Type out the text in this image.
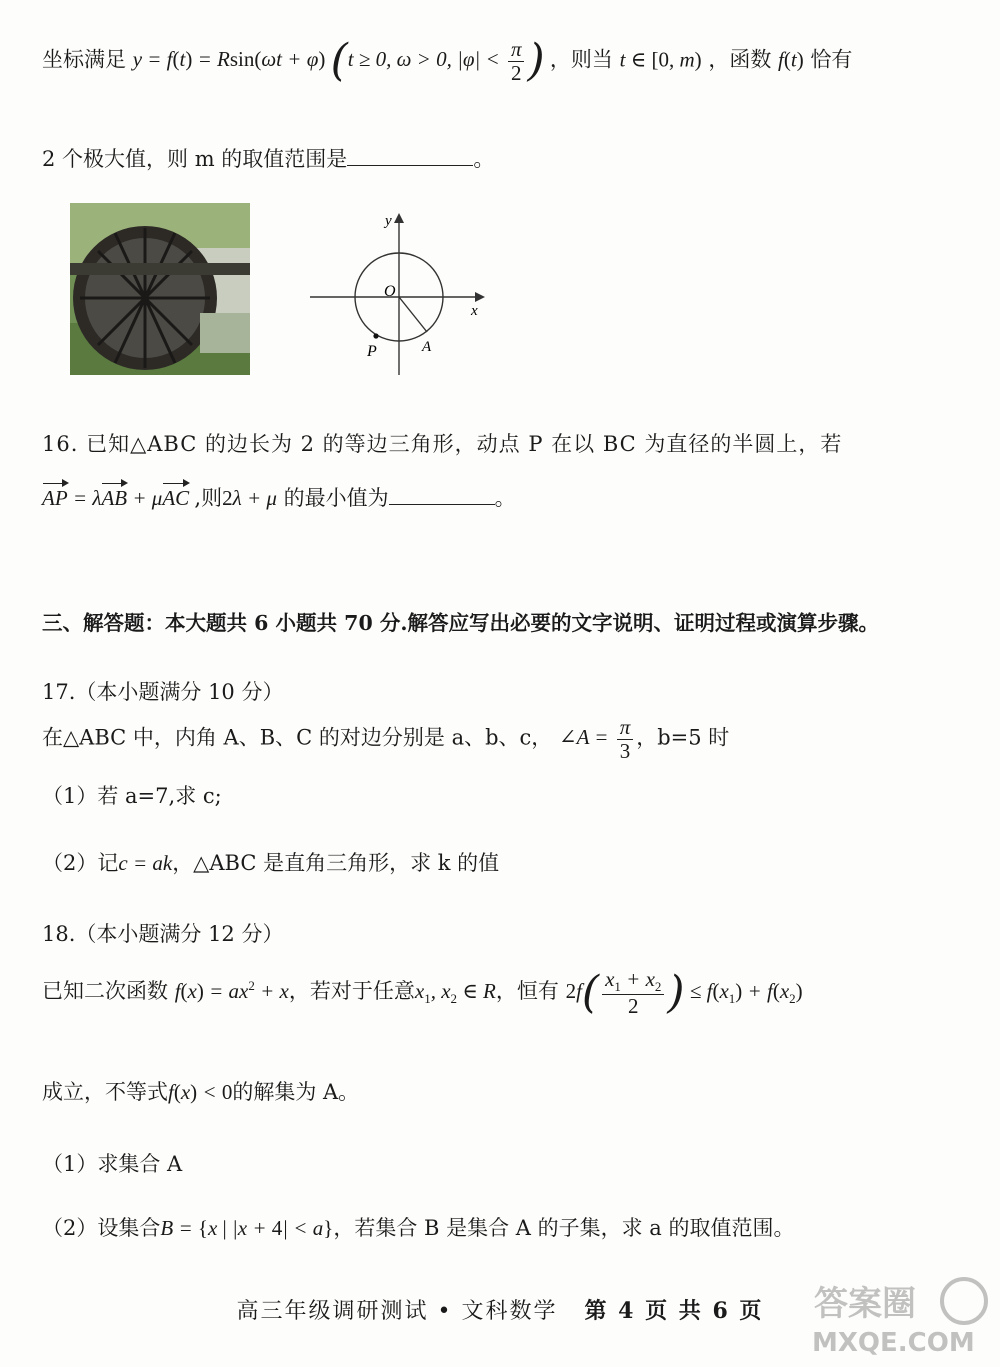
坐标满足 y = f(t) = Rsin(ωt + φ) (t ≥ 0, ω > 0, $|\varphi| < \frac{\pi}{2}$ ) ，则当 t ∈ [0, m) ，函数 f(t) 恰有
2 个极大值，则 m 的取值范围是	。
y
x
O
P	A
16. 已知△ABC 的边长为 2 的等边三角形，动点 P 在以 BC 为直径的半圆上，若
AP = λAB + μAC ,则2λ + μ 的最小值为	。
三、解答题：本大题共 6 小题共 70 分.解答应写出必要的文字说明、证明过程或演算步骤。
17.（本小题满分 10 分）
在△ABC 中，内角 A、B、C 的对边分别是 a、b、c， ∠A = $\frac{\pi}{3}$ ，b=5 时
（1）若 a=7,求 c;
（2）记c = ak，△ABC 是直角三角形，求 k 的值
18.（本小题满分 12 分）
已知二次函数 $f(x) = ax^2 + x$，若对于任意$x_1$, $x_2$ ∈ R，恒有 $2f( \frac{x_1 + x_2}{2}$ ) ≤ $f(x_1) + f(x_2)$
成立，不等式f(x) < 0的解集为 A。
（1）求集合 A
（2）设集合B = {x | |x + 4| < a}，若集合 B 是集合 A 的子集，求 a 的取值范围。
高三年级调研测试 • 文科数学 第 4 页 共 6 页	答案圈
MXQE.COM
